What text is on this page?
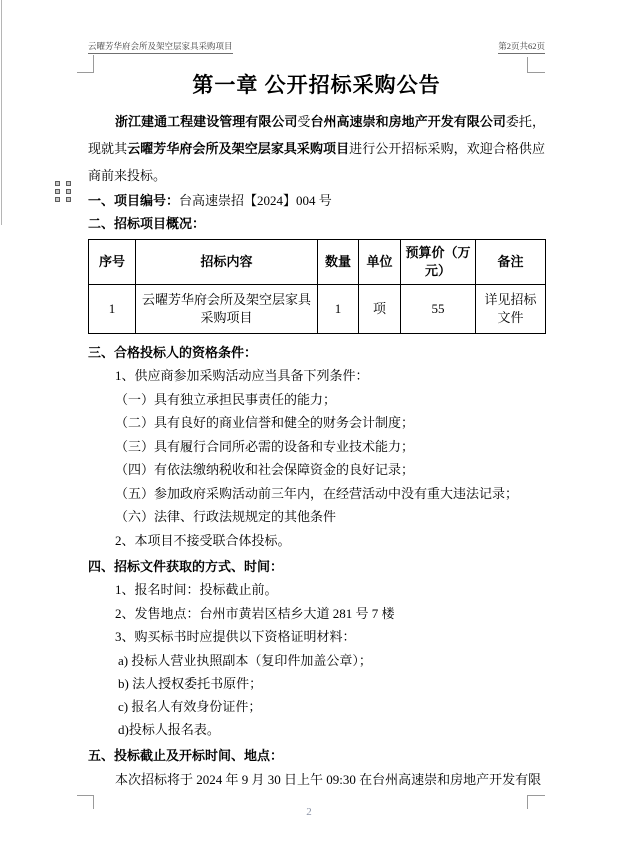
云曜芳华府会所及架空层家具采购项目	第2页共62页
第一章 公开招标采购公告

浙江建通工程建设管理有限公司受台州高速崇和房地产开发有限公司委托，现就其云曜芳华府会所及架空层家具采购项目进行公开招标采购，欢迎合格供应商前来投标。

一、项目编号：台高速崇招【2024】004 号

二、招标项目概况：

序号	招标内容	数量	单位	预算价（万元）	备注
1	云曜芳华府会所及架空层家具采购项目	1	项	55	详见招标文件

三、合格投标人的资格条件：

1、供应商参加采购活动应当具备下列条件：

（一）具有独立承担民事责任的能力；

（二）具有良好的商业信誉和健全的财务会计制度；

（三）具有履行合同所必需的设备和专业技术能力；

（四）有依法缴纳税收和社会保障资金的良好记录；

（五）参加政府采购活动前三年内，在经营活动中没有重大违法记录；

（六）法律、行政法规规定的其他条件

2、本项目不接受联合体投标。

四、招标文件获取的方式、时间：

1、报名时间：投标截止前。

2、发售地点：台州市黄岩区桔乡大道 281 号 7 楼

3、购买标书时应提供以下资格证明材料：

a) 投标人营业执照副本（复印件加盖公章）；

b) 法人授权委托书原件；

c) 报名人有效身份证件；

d)投标人报名表。

五、投标截止及开标时间、地点：

本次招标将于 2024 年 9 月 30 日上午 09:30 在台州高速崇和房地产开发有限

2
